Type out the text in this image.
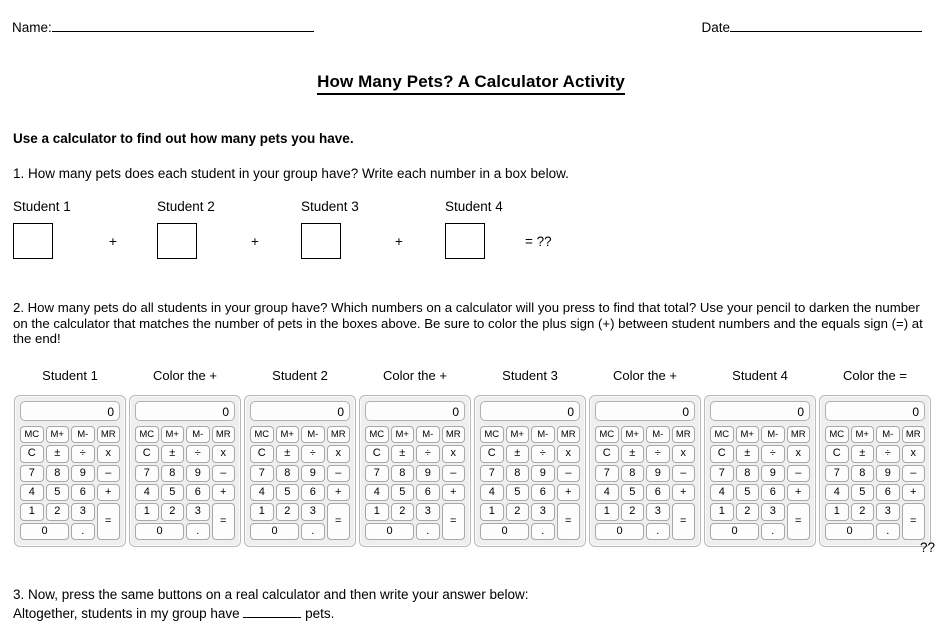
Name:	Date
How Many Pets? A Calculator Activity
Use a calculator to find out how many pets you have.
1. How many pets does each student in your group have? Write each number in a box below.
Student 1	Student 2	Student 3	Student 4
+	+	+	= ??
2. How many pets do all students in your group have? Which numbers on a calculator will you press to find that total? Use your pencil to darken the number on the calculator that matches the number of pets in the boxes above. Be sure to color the plus sign (+) between student numbers and the equals sign (=) at the end!
Student 1	Color the +	Student 2	Color the +	Student 3	Color the +	Student 4	Color the =
0
MC	M+	M-	MR
C	±	÷	x
7	8	9	–
4	5	6	+
1	2	3
=
0	.
0
MC	M+	M-	MR
C	±	÷	x
7	8	9	–
4	5	6	+
1	2	3
=
0	.
0
MC	M+	M-	MR
C	±	÷	x
7	8	9	–
4	5	6	+
1	2	3
=
0	.
0
MC	M+	M-	MR
C	±	÷	x
7	8	9	–
4	5	6	+
1	2	3
=
0	.
0
MC	M+	M-	MR
C	±	÷	x
7	8	9	–
4	5	6	+
1	2	3
=
0	.
0
MC	M+	M-	MR
C	±	÷	x
7	8	9	–
4	5	6	+
1	2	3
=
0	.
0
MC	M+	M-	MR
C	±	÷	x
7	8	9	–
4	5	6	+
1	2	3
=
0	.
0
MC	M+	M-	MR
C	±	÷	x
7	8	9	–
4	5	6	+
1	2	3
=
0	.
??
3. Now, press the same buttons on a real calculator and then write your answer below:
Altogether, students in my group have	pets.
